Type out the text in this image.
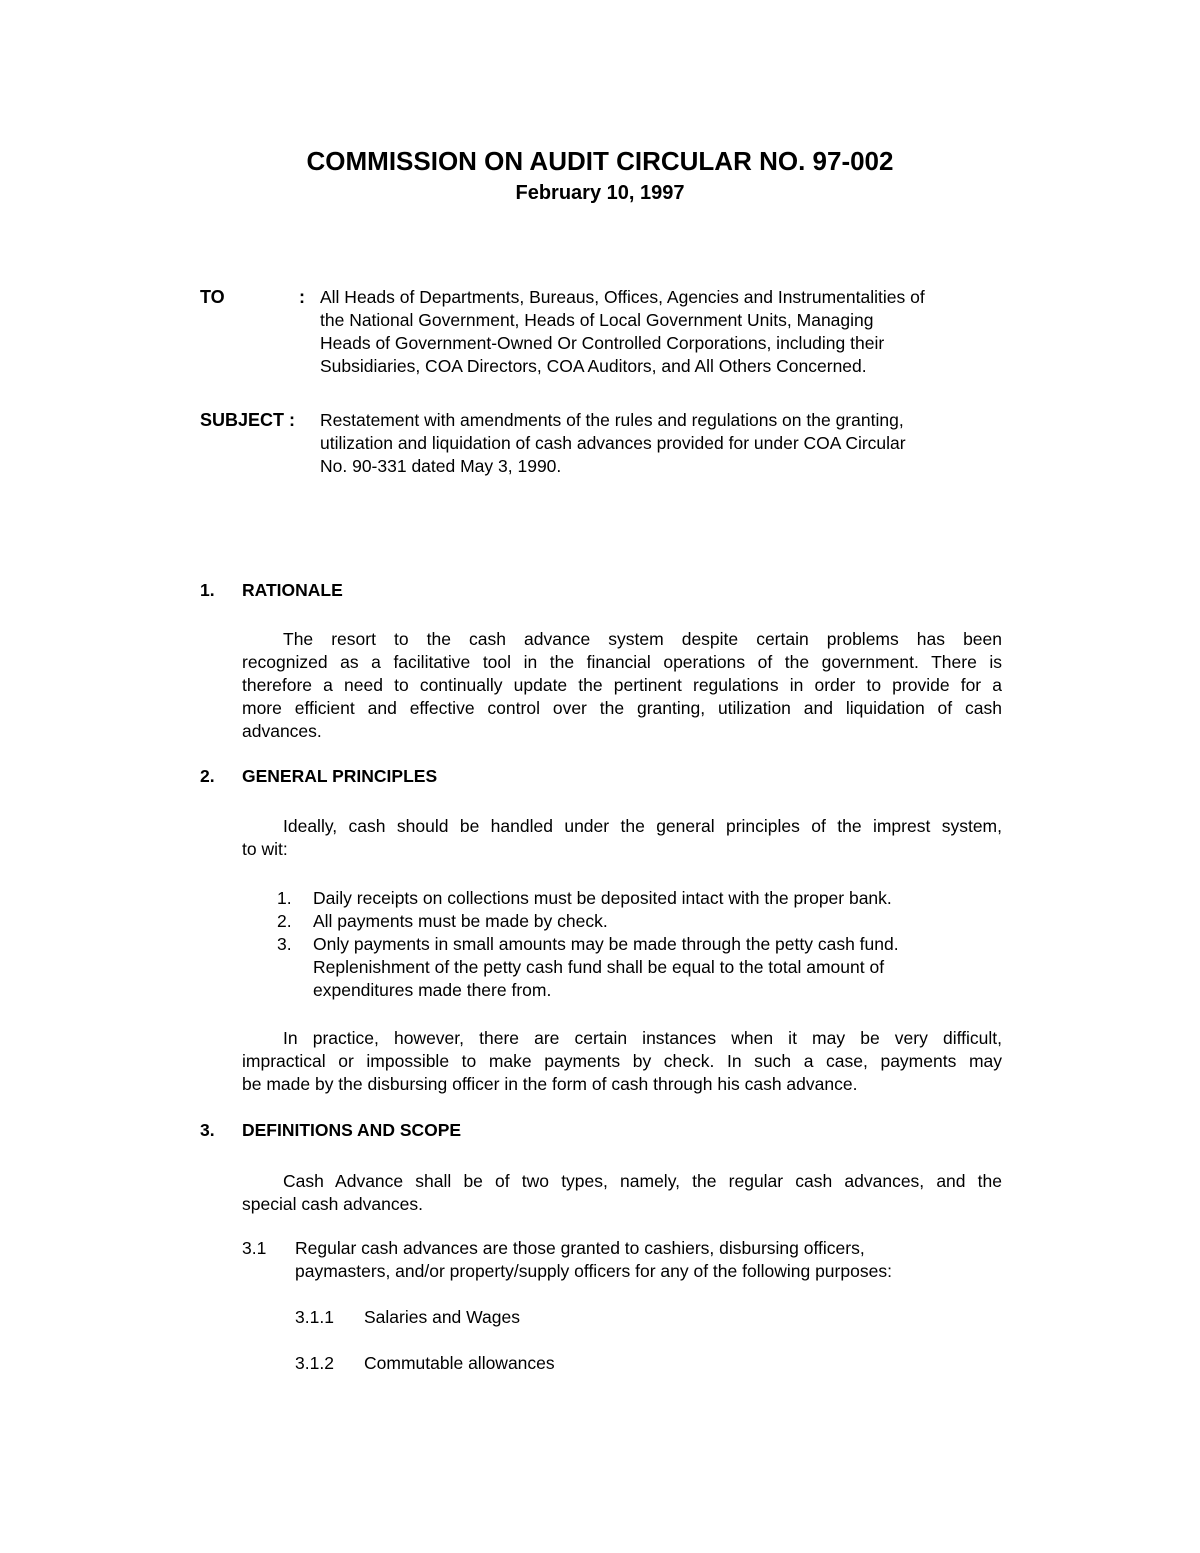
COMMISSION ON AUDIT CIRCULAR NO. 97-002
February 10, 1997
TO	: All Heads of Departments, Bureaus, Offices, Agencies and Instrumentalities of
the National Government, Heads of Local Government Units, Managing
Heads of Government-Owned Or Controlled Corporations, including their
Subsidiaries, COA Directors, COA Auditors, and All Others Concerned.
SUBJECT : Restatement with amendments of the rules and regulations on the granting,
utilization and liquidation of cash advances provided for under COA Circular
No. 90-331 dated May 3, 1990.
1. RATIONALE
The resort to the cash advance system despite certain problems has been
recognized as a facilitative tool in the financial operations of the government. There is
therefore a need to continually update the pertinent regulations in order to provide for a
more efficient and effective control over the granting, utilization and liquidation of cash
advances.
2. GENERAL PRINCIPLES
Ideally, cash should be handled under the general principles of the imprest system,
to wit:
1. Daily receipts on collections must be deposited intact with the proper bank.
2. All payments must be made by check.
3. Only payments in small amounts may be made through the petty cash fund.
Replenishment of the petty cash fund shall be equal to the total amount of
expenditures made there from.
In practice, however, there are certain instances when it may be very difficult,
impractical or impossible to make payments by check. In such a case, payments may
be made by the disbursing officer in the form of cash through his cash advance.
3. DEFINITIONS AND SCOPE
Cash Advance shall be of two types, namely, the regular cash advances, and the
special cash advances.
3.1 Regular cash advances are those granted to cashiers, disbursing officers,
paymasters, and/or property/supply officers for any of the following purposes:
3.1.1 Salaries and Wages
3.1.2 Commutable allowances
